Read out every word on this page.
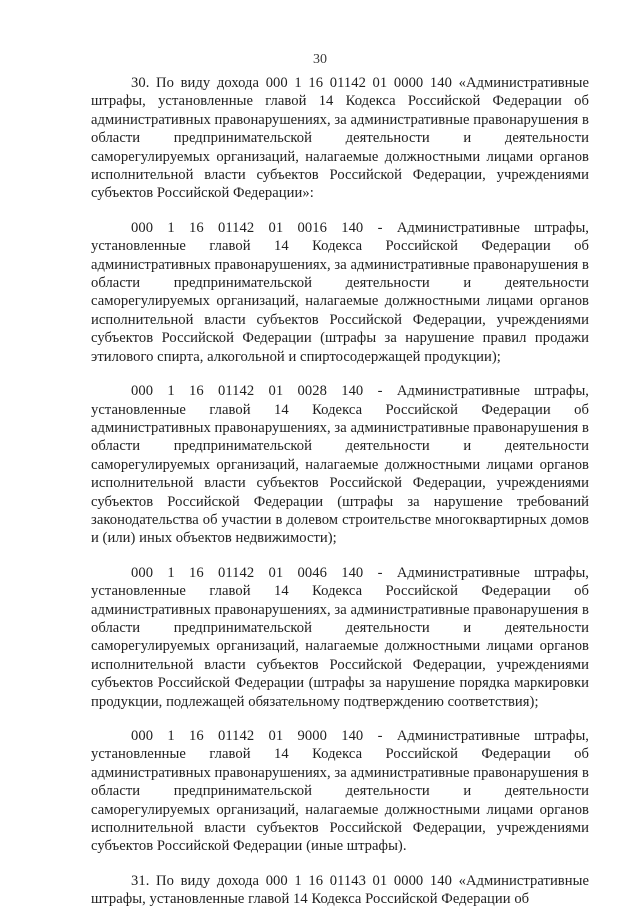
30

30. По виду дохода 000 1 16 01142 01 0000 140 «Административные штрафы, установленные главой 14 Кодекса Российской Федерации об административных правонарушениях, за административные правонарушения в области предпринимательской деятельности и деятельности саморегулируемых организаций, налагаемые должностными лицами органов исполнительной власти субъектов Российской Федерации, учреждениями субъектов Российской Федерации»:

000 1 16 01142 01 0016 140 - Административные штрафы, установленные главой 14 Кодекса Российской Федерации об административных правонарушениях, за административные правонарушения в области предпринимательской деятельности и деятельности саморегулируемых организаций, налагаемые должностными лицами органов исполнительной власти субъектов Российской Федерации, учреждениями субъектов Российской Федерации (штрафы за нарушение правил продажи этилового спирта, алкогольной и спиртосодержащей продукции);

000 1 16 01142 01 0028 140 - Административные штрафы, установленные главой 14 Кодекса Российской Федерации об административных правонарушениях, за административные правонарушения в области предпринимательской деятельности и деятельности саморегулируемых организаций, налагаемые должностными лицами органов исполнительной власти субъектов Российской Федерации, учреждениями субъектов Российской Федерации (штрафы за нарушение требований законодательства об участии в долевом строительстве многоквартирных домов и (или) иных объектов недвижимости);

000 1 16 01142 01 0046 140 - Административные штрафы, установленные главой 14 Кодекса Российской Федерации об административных правонарушениях, за административные правонарушения в области предпринимательской деятельности и деятельности саморегулируемых организаций, налагаемые должностными лицами органов исполнительной власти субъектов Российской Федерации, учреждениями субъектов Российской Федерации (штрафы за нарушение порядка маркировки продукции, подлежащей обязательному подтверждению соответствия);

000 1 16 01142 01 9000 140 - Административные штрафы, установленные главой 14 Кодекса Российской Федерации об административных правонарушениях, за административные правонарушения в области предпринимательской деятельности и деятельности саморегулируемых организаций, налагаемые должностными лицами органов исполнительной власти субъектов Российской Федерации, учреждениями субъектов Российской Федерации (иные штрафы).

31. По виду дохода 000 1 16 01143 01 0000 140 «Административные штрафы, установленные главой 14 Кодекса Российской Федерации об
